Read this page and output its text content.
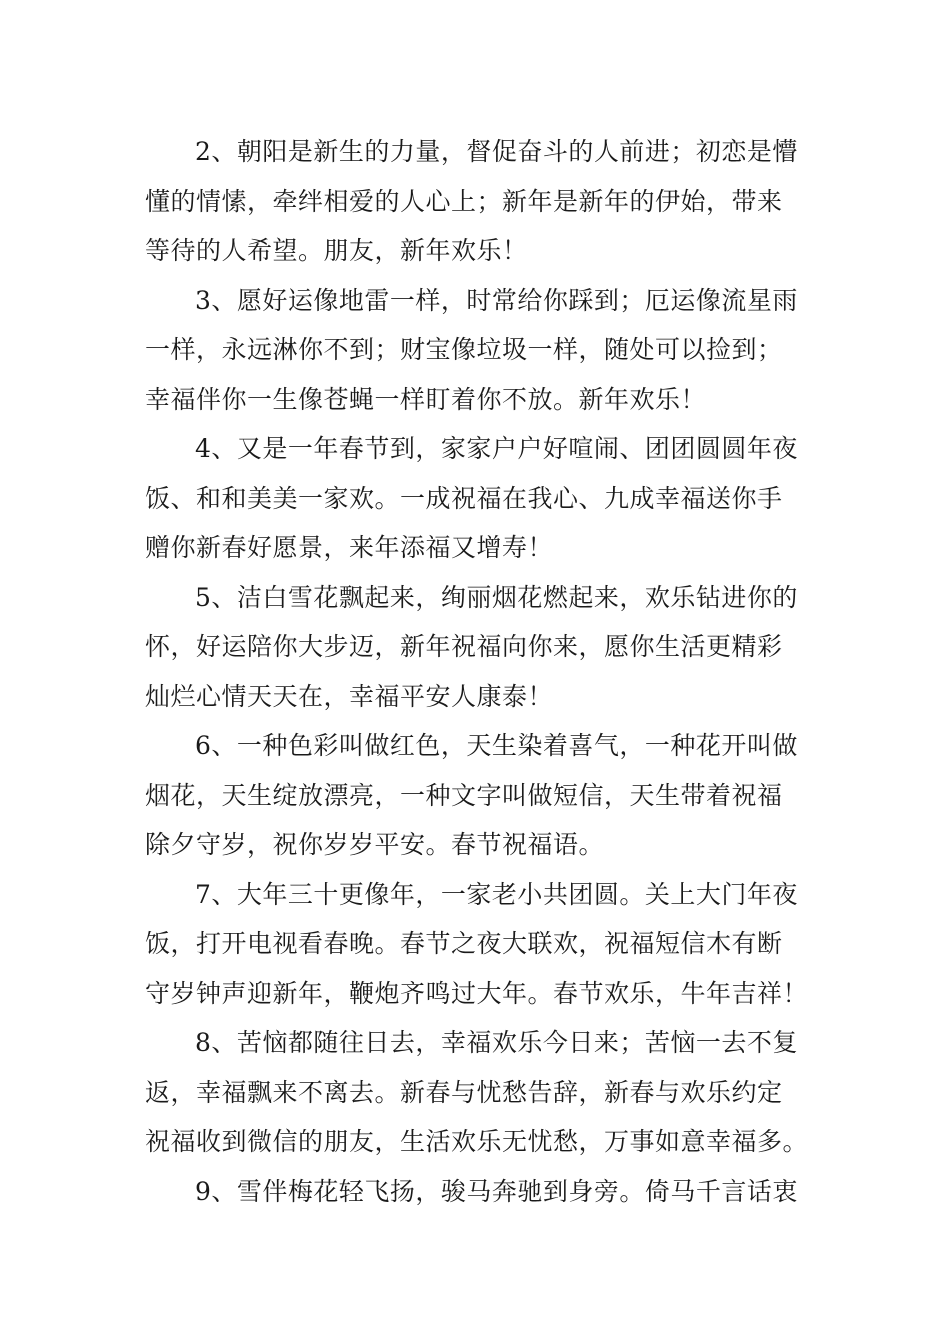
2、朝阳是新生的力量，督促奋斗的人前进；初恋是懵
懂的情愫，牵绊相爱的人心上；新年是新年的伊始，带来
等待的人希望。朋友，新年欢乐！

3、愿好运像地雷一样，时常给你踩到；厄运像流星雨
一样，永远淋你不到；财宝像垃圾一样，随处可以捡到；
幸福伴你一生像苍蝇一样盯着你不放。新年欢乐！

4、又是一年春节到，家家户户好喧闹、团团圆圆年夜
饭、和和美美一家欢。一成祝福在我心、九成幸福送你手
赠你新春好愿景，来年添福又增寿！

5、洁白雪花飘起来，绚丽烟花燃起来，欢乐钻进你的
怀，好运陪你大步迈，新年祝福向你来，愿你生活更精彩
灿烂心情天天在，幸福平安人康泰！

6、一种色彩叫做红色，天生染着喜气，一种花开叫做
烟花，天生绽放漂亮，一种文字叫做短信，天生带着祝福
除夕守岁，祝你岁岁平安。春节祝福语。

7、大年三十更像年，一家老小共团圆。关上大门年夜
饭，打开电视看春晚。春节之夜大联欢，祝福短信木有断
守岁钟声迎新年，鞭炮齐鸣过大年。春节欢乐，牛年吉祥！

8、苦恼都随往日去，幸福欢乐今日来；苦恼一去不复
返，幸福飘来不离去。新春与忧愁告辞，新春与欢乐约定
祝福收到微信的朋友，生活欢乐无忧愁，万事如意幸福多。

9、雪伴梅花轻飞扬，骏马奔驰到身旁。倚马千言话衷
